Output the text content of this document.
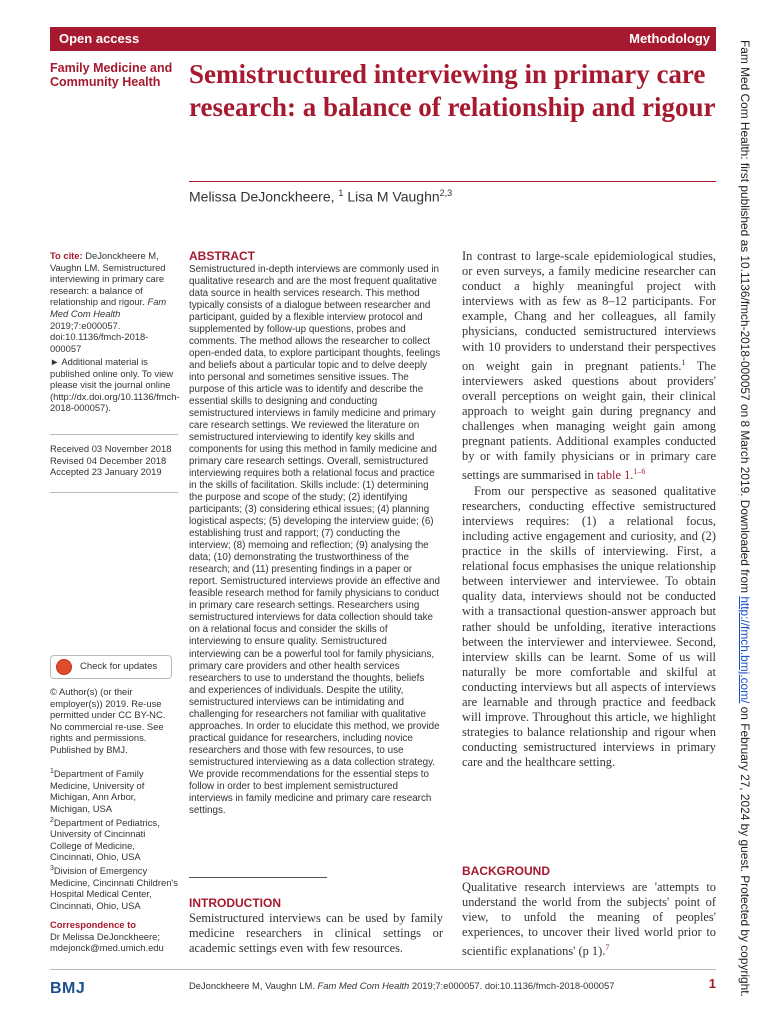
Open access	Methodology
Family Medicine and Community Health	Semistructured interviewing in primary care research: a balance of relationship and rigour
Melissa DeJonckheere, $^1$ Lisa M Vaughn$^{2,3}$
To cite: DeJonckheere M, Vaughn LM. Semistructured interviewing in primary care research: a balance of relationship and rigour. Fam Med Com Health 2019;7:e000057. doi:10.1136/fmch-2018-000057
► Additional material is published online only. To view please visit the journal online (http://dx.doi.org/10.1136/fmch-2018-000057).
Received 03 November 2018
Revised 04 December 2018
Accepted 23 January 2019
Check for updates
© Author(s) (or their employer(s)) 2019. Re-use permitted under CC BY-NC. No commercial re-use. See rights and permissions. Published by BMJ.
$^1$Department of Family Medicine, University of Michigan, Ann Arbor, Michigan, USA
$^2$Department of Pediatrics, University of Cincinnati College of Medicine, Cincinnati, Ohio, USA
$^3$Division of Emergency Medicine, Cincinnati Children's Hospital Medical Center, Cincinnati, Ohio, USA
Correspondence to
Dr Melissa DeJonckheere;
mdejonck@med.umich.edu
ABSTRACT
Semistructured in-depth interviews are commonly used in qualitative research and are the most frequent qualitative data source in health services research. This method typically consists of a dialogue between researcher and participant, guided by a flexible interview protocol and supplemented by follow-up questions, probes and comments. The method allows the researcher to collect open-ended data, to explore participant thoughts, feelings and beliefs about a particular topic and to delve deeply into personal and sometimes sensitive issues. The purpose of this article was to identify and describe the essential skills to designing and conducting semistructured interviews in family medicine and primary care research settings. We reviewed the literature on semistructured interviewing to identify key skills and components for using this method in family medicine and primary care research settings. Overall, semistructured interviewing requires both a relational focus and practice in the skills of facilitation. Skills include: (1) determining the purpose and scope of the study; (2) identifying participants; (3) considering ethical issues; (4) planning logistical aspects; (5) developing the interview guide; (6) establishing trust and rapport; (7) conducting the interview; (8) memoing and reflection; (9) analysing the data; (10) demonstrating the trustworthiness of the research; and (11) presenting findings in a paper or report. Semistructured interviews provide an effective and feasible research method for family physicians to conduct in primary care research settings. Researchers using semistructured interviews for data collection should take on a relational focus and consider the skills of interviewing to ensure quality. Semistructured interviewing can be a powerful tool for family physicians, primary care providers and other health services researchers to use to understand the thoughts, beliefs and experiences of individuals. Despite the utility, semistructured interviews can be intimidating and challenging for researchers not familiar with qualitative approaches. In order to elucidate this method, we provide practical guidance for researchers, including novice researchers and those with few resources, to use semistructured interviewing as a data collection strategy. We provide recommendations for the essential steps to follow in order to best implement semistructured interviews in family medicine and primary care research settings.
INTRODUCTION
Semistructured interviews can be used by family medicine researchers in clinical settings or academic settings even with few resources.

In contrast to large-scale epidemiological studies, or even surveys, a family medicine researcher can conduct a highly meaningful project with interviews with as few as 8–12 participants. For example, Chang and her colleagues, all family physicians, conducted semistructured interviews with 10 providers to understand their perspectives on weight gain in pregnant patients.$^1$ The interviewers asked questions about providers' overall perceptions on weight gain, their clinical approach to weight gain during pregnancy and challenges when managing weight gain among pregnant patients. Additional examples conducted by or with family physicians or in primary care settings are summarised in table 1.$^{1-6}$

From our perspective as seasoned qualitative researchers, conducting effective semistructured interviews requires: (1) a relational focus, including active engagement and curiosity, and (2) practice in the skills of interviewing. First, a relational focus emphasises the unique relationship between interviewer and interviewee. To obtain quality data, interviews should not be conducted with a transactional question-answer approach but rather should be unfolding, iterative interactions between the interviewer and interviewee. Second, interview skills can be learnt. Some of us will naturally be more comfortable and skilful at conducting interviews but all aspects of interviews are learnable and through practice and feedback will improve. Throughout this article, we highlight strategies to balance relationship and rigour when conducting semistructured interviews in primary care and the healthcare setting.

BACKGROUND
Qualitative research interviews are 'attempts to understand the world from the subjects' point of view, to unfold the meaning of peoples' experiences, to uncover their lived world prior to scientific explanations' (p 1).$^7$
BMJ	DeJonckheere M, Vaughn LM. Fam Med Com Health 2019;7:e000057. doi:10.1136/fmch-2018-000057	1
Fam Med Com Health: first published as 10.1136/fmch-2018-000057 on 8 March 2019. Downloaded from http://fmch.bmj.com/ on February 27, 2024 by guest. Protected by copyright.
